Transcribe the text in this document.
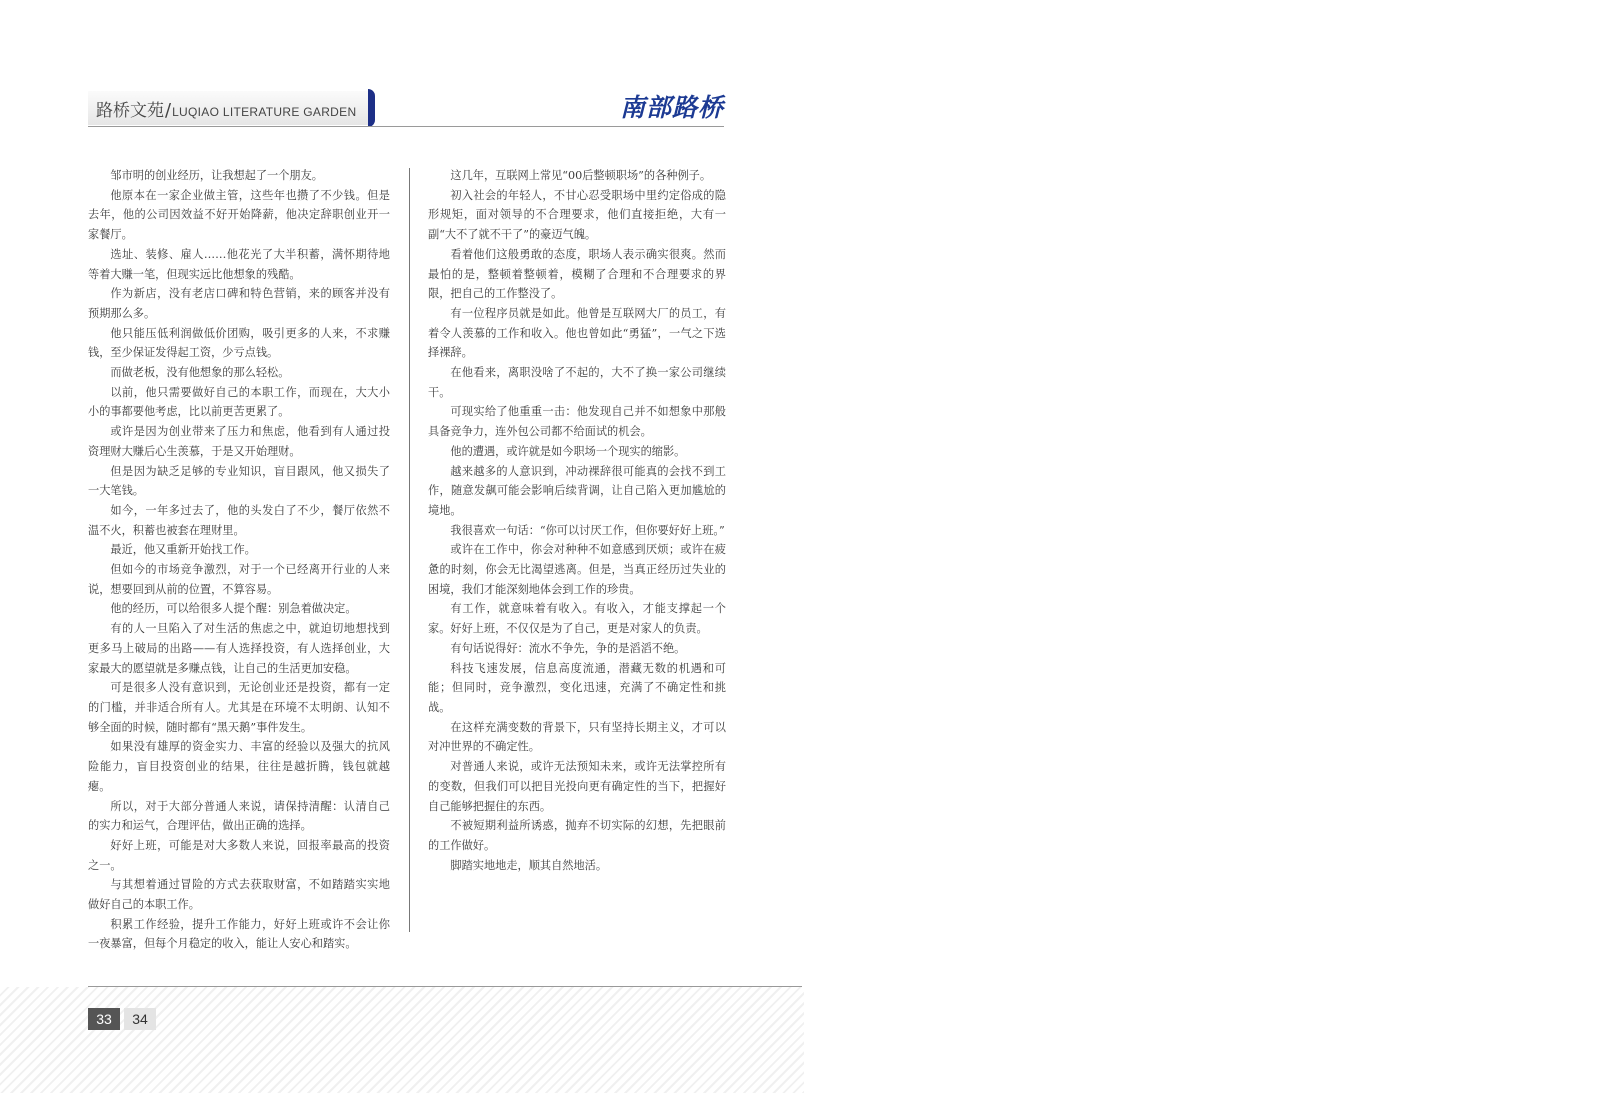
路桥文苑/LUQIAO LITERATURE GARDEN	南部路桥

邹市明的创业经历，让我想起了一个朋友。

他原本在一家企业做主管，这些年也攒了不少钱。但是去年，他的公司因效益不好开始降薪，他决定辞职创业开一家餐厅。

选址、装修、雇人……他花光了大半积蓄，满怀期待地等着大赚一笔，但现实远比他想象的残酷。

作为新店，没有老店口碑和特色营销，来的顾客并没有预期那么多。

他只能压低利润做低价团购，吸引更多的人来，不求赚钱，至少保证发得起工资，少亏点钱。

而做老板，没有他想象的那么轻松。

以前，他只需要做好自己的本职工作，而现在，大大小小的事都要他考虑，比以前更苦更累了。

或许是因为创业带来了压力和焦虑，他看到有人通过投资理财大赚后心生羡慕，于是又开始理财。

但是因为缺乏足够的专业知识，盲目跟风，他又损失了一大笔钱。

如今，一年多过去了，他的头发白了不少，餐厅依然不温不火，积蓄也被套在理财里。

最近，他又重新开始找工作。

但如今的市场竞争激烈，对于一个已经离开行业的人来说，想要回到从前的位置，不算容易。

他的经历，可以给很多人提个醒：别急着做决定。

有的人一旦陷入了对生活的焦虑之中，就迫切地想找到更多马上破局的出路——有人选择投资，有人选择创业，大家最大的愿望就是多赚点钱，让自己的生活更加安稳。

可是很多人没有意识到，无论创业还是投资，都有一定的门槛，并非适合所有人。尤其是在环境不太明朗、认知不够全面的时候，随时都有“黑天鹅”事件发生。

如果没有雄厚的资金实力、丰富的经验以及强大的抗风险能力，盲目投资创业的结果，往往是越折腾，钱包就越瘪。

所以，对于大部分普通人来说，请保持清醒：认清自己的实力和运气，合理评估，做出正确的选择。

好好上班，可能是对大多数人来说，回报率最高的投资之一。

与其想着通过冒险的方式去获取财富，不如踏踏实实地做好自己的本职工作。

积累工作经验，提升工作能力，好好上班或许不会让你一夜暴富，但每个月稳定的收入，能让人安心和踏实。

这几年，互联网上常见“00后整顿职场”的各种例子。

初入社会的年轻人，不甘心忍受职场中里约定俗成的隐形规矩，面对领导的不合理要求，他们直接拒绝，大有一副“大不了就不干了”的豪迈气魄。

看着他们这般勇敢的态度，职场人表示确实很爽。然而最怕的是，整顿着整顿着，模糊了合理和不合理要求的界限，把自己的工作整没了。

有一位程序员就是如此。他曾是互联网大厂的员工，有着令人羡慕的工作和收入。他也曾如此“勇猛”，一气之下选择裸辞。

在他看来，离职没啥了不起的，大不了换一家公司继续干。

可现实给了他重重一击：他发现自己并不如想象中那般具备竞争力，连外包公司都不给面试的机会。

他的遭遇，或许就是如今职场一个现实的缩影。

越来越多的人意识到，冲动裸辞很可能真的会找不到工作，随意发飙可能会影响后续背调，让自己陷入更加尴尬的境地。

我很喜欢一句话：“你可以讨厌工作，但你要好好上班。”

或许在工作中，你会对种种不如意感到厌烦；或许在疲惫的时刻，你会无比渴望逃离。但是，当真正经历过失业的困境，我们才能深刻地体会到工作的珍贵。

有工作，就意味着有收入。有收入，才能支撑起一个家。好好上班，不仅仅是为了自己，更是对家人的负责。

有句话说得好：流水不争先，争的是滔滔不绝。

科技飞速发展，信息高度流通，潜藏无数的机遇和可能；但同时，竞争激烈，变化迅速，充满了不确定性和挑战。

在这样充满变数的背景下，只有坚持长期主义，才可以对冲世界的不确定性。

对普通人来说，或许无法预知未来，或许无法掌控所有的变数，但我们可以把目光投向更有确定性的当下，把握好自己能够把握住的东西。

不被短期利益所诱惑，抛弃不切实际的幻想，先把眼前的工作做好。

脚踏实地地走，顺其自然地活。

33	34
